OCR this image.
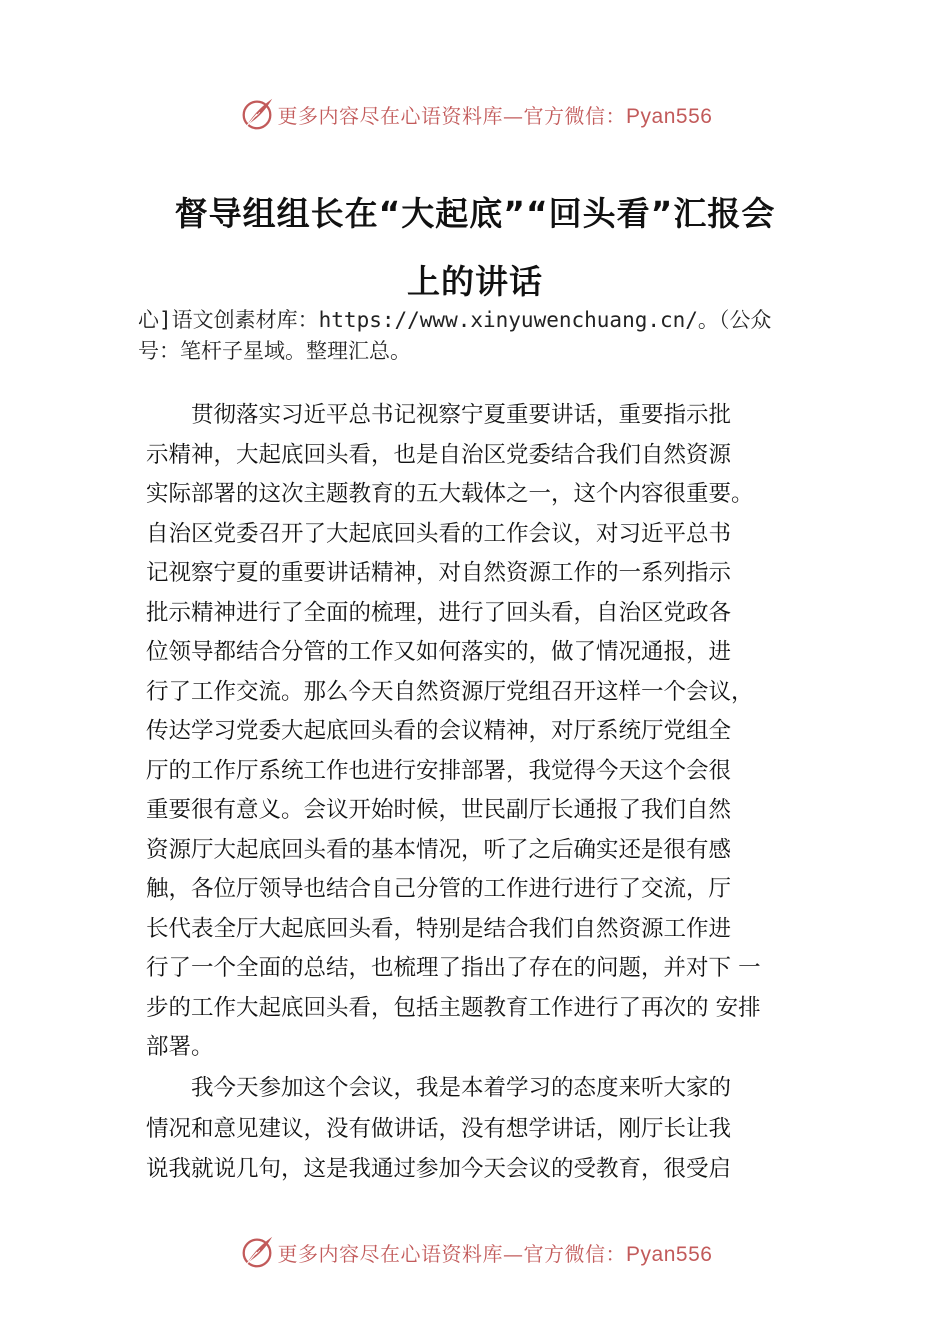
更多内容尽在心语资料库—官方微信：Pyan556
督导组组长在“大起底”“回头看”汇报会
上的讲话
心]语文创素材库：https://www.xinyuwenchuang.cn/。（公众
号：笔杆子星域。整理汇总。
　　贯彻落实习近平总书记视察宁夏重要讲话，重要指示批
示精神，大起底回头看，也是自治区党委结合我们自然资源
实际部署的这次主题教育的五大载体之一，这个内容很重要。
自治区党委召开了大起底回头看的工作会议，对习近平总书
记视察宁夏的重要讲话精神，对自然资源工作的一系列指示
批示精神进行了全面的梳理，进行了回头看，自治区党政各
位领导都结合分管的工作又如何落实的，做了情况通报，进
行了工作交流。那么今天自然资源厅党组召开这样一个会议，
传达学习党委大起底回头看的会议精神，对厅系统厅党组全
厅的工作厅系统工作也进行安排部署，我觉得今天这个会很
重要很有意义。会议开始时候，世民副厅长通报了我们自然
资源厅大起底回头看的基本情况，听了之后确实还是很有感
触，各位厅领导也结合自己分管的工作进行进行了交流，厅
长代表全厅大起底回头看，特别是结合我们自然资源工作进
行了一个全面的总结，也梳理了指出了存在的问题，并对下 一
步的工作大起底回头看，包括主题教育工作进行了再次的 安排
部署。
　　我今天参加这个会议，我是本着学习的态度来听大家的
情况和意见建议，没有做讲话，没有想学讲话，刚厅长让我
说我就说几句，这是我通过参加今天会议的受教育，很受启
更多内容尽在心语资料库—官方微信：Pyan556
